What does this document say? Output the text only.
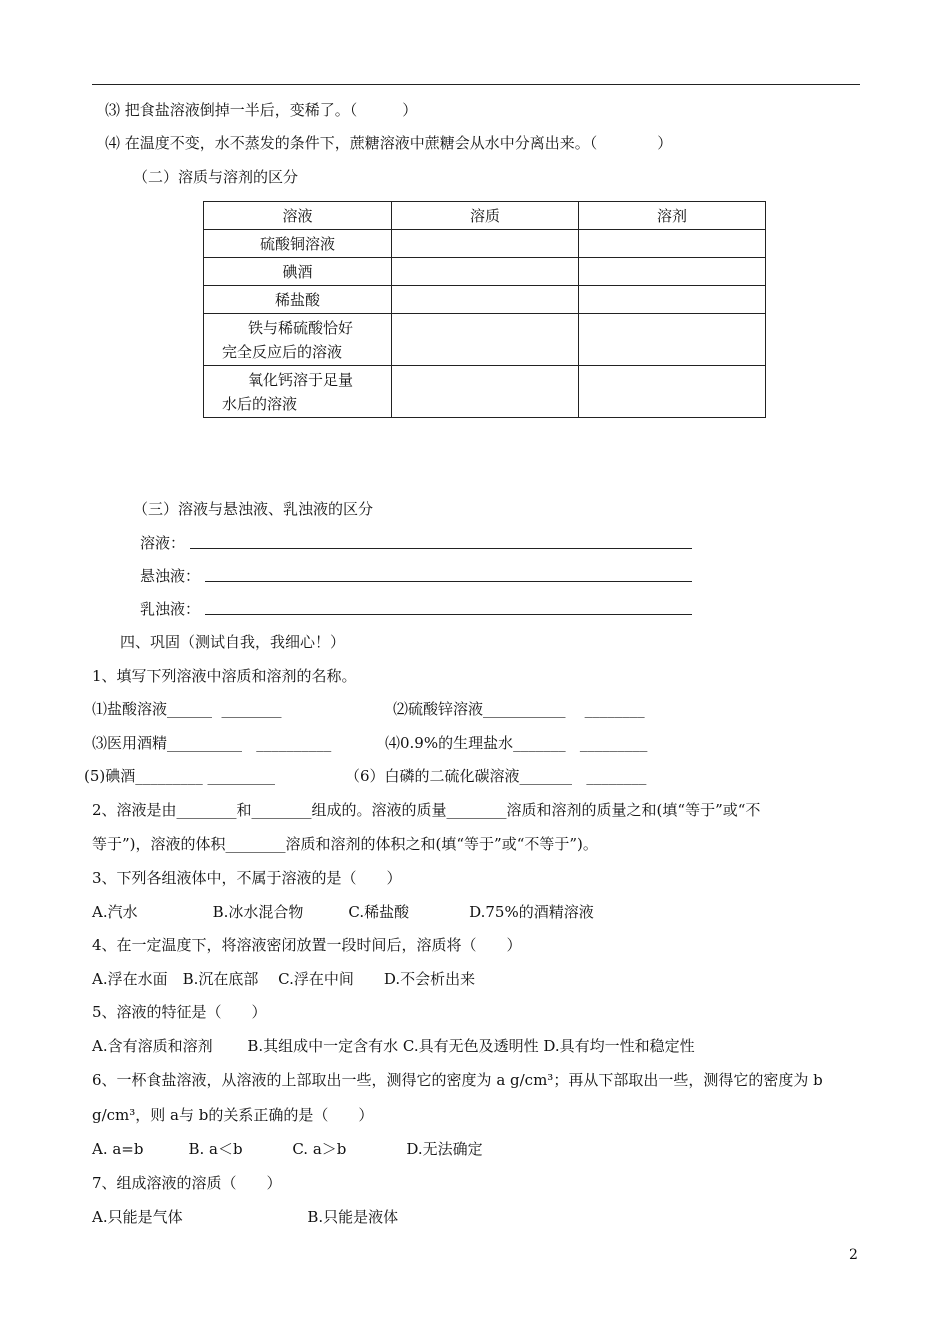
⑶ 把食盐溶液倒掉一半后，变稀了。（　　　）
⑷ 在温度不变，水不蒸发的条件下，蔗糖溶液中蔗糖会从水中分离出来。（　　　　）
（二）溶质与溶剂的区分
溶液	溶质	溶剂
硫酸铜溶液		
碘酒		
稀盐酸		

铁与稀硫酸恰好
完全反应后的溶液		

氧化钙溶于足量
水后的溶液		

（三）溶液与悬浊液、乳浊液的区分
溶液：
悬浊液：
乳浊液：
四、巩固（测试自我，我细心！）
1、填写下列溶液中溶质和溶剂的名称。
⑴盐酸溶液______  ________	⑵硫酸锌溶液___________    ________
⑶医用酒精__________   __________	⑷0.9%的生理盐水_______   _________
(5)碘酒_________ _________	（6）白磷的二硫化碳溶液_______   ________
2、溶液是由________和________组成的。溶液的质量________溶质和溶剂的质量之和(填“等于”或“不
等于”)，溶液的体积________溶质和溶剂的体积之和(填“等于”或“不等于”)。
3、下列各组液体中，不属于溶液的是（　　）
A.汽水　　　　　B.冰水混合物　　　C.稀盐酸　　　　D.75%的酒精溶液
4、在一定温度下，将溶液密闭放置一段时间后，溶质将（　　）
A.浮在水面　B.沉在底部　 C.浮在中间　　D.不会析出来
5、溶液的特征是（　　）
A.含有溶质和溶剂　　 B.其组成中一定含有水 C.具有无色及透明性 D.具有均一性和稳定性
6、一杯食盐溶液，从溶液的上部取出一些，测得它的密度为 a g/cm³；再从下部取出一些，测得它的密度为 b
g/cm³，则 a与 b的关系正确的是（　　）
A. a=b　　　B. a＜b　　　 C. a＞b　　　　D.无法确定
7、组成溶液的溶质（　　）
A.只能是气体　　　　　　　　 B.只能是液体
2
